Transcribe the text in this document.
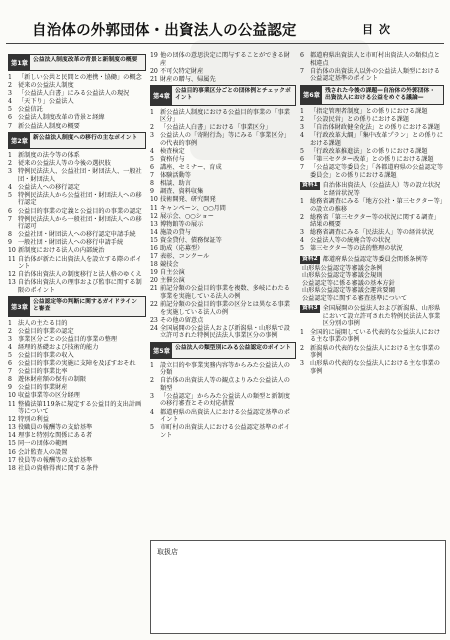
自治体の外郭団体・出資法人の公益認定	目次
第1章 公益法人制度改革の背景と新制度の概要
1 「新しい公共と民間との連携・協働」の概念
2 従来の公益法人制度
3 「公益法人白書」にみる公益法人の現況
4 「天下り」公益法人
5 公益信託
6 公益法人制度改革の背景と経緯
7 新公益法人制度の概要
第2章 新公益法人制度への移行の主なポイント
1 新制度の法令等の体系
2 従来の公益法人等の今後の選択肢
3 特例民法法人、公益社団・財団法人、一般社団・財団法人
4 公益法人への移行認定
5 特例民法法人から公益社団・財団法人への移行認定
6 公益目的事業の定義と公益目的の事業の認定
7 特例民法法人から一般社団・財団法人への移行認可
8 公益社団・財団法人への移行認定申請手続
9 一般社団・財団法人への移行申請手続
10 新制度における法人の内部統治
11 自治体が新たに出資法人を設立する際のポイント
12 自治体出資法人の制度移行と法人格のゆくえ
13 自治体出資法人の理事および監事に関する制限のポイント
第3章
公益認定等の判断に関するガイドラインと審査
1 法人の主たる目的
2 公益目的事業の認定
3 事業区分ごとの公益目的事業の整理
4 経理的基礎および技術的能力
5 公益目的事業の収入
6 公益目的事業の実施に支障を及ぼすおそれ
7 公益目的事業比率
8 遊休財産額の保有の制限
9 公益目的事業財産
10 収益事業等の区分経理
11 整備法第119条に規定する公益目的支出計画等について
12 特別の利益
13 役職員の報酬等の支給基準
14 理事と特別な関係にある者
15 同一の団体の範囲
16 会計監査人の設置
17 役員等の報酬等の支給基準
18 社員の資格得喪に関する条件
19 他の団体の意思決定に関与することができる財産
20 不可欠特定財産
21 財産の贈与、帰属先
第4章
公益目的事業区分ごとの団体例とチェックポイント
1 新公益法人制度における公益目的事業の「事業区分」
2 「公益法人白書」における「事業区分」
3 公益法人の「寄附行為」等にみる「事業区分」の代表的事例
4 検査検定
5 資格付与
6 講座、セミナー、育成
7 体験活動等
8 相談、助言
9 調査、資料収集
10 技術開発、研究開発
11 キャンペーン、○○月間
12 展示会、○○ショー
13 博物館等の展示
14 施設の貸与
15 資金貸付、債務保証等
16 助成（応募型）
17 表彰、コンクール
18 競技会
19 自主公演
20 主催公演
21 前記分類の公益目的事業を複数、多岐にわたる事業を実施している法人の例
22 前記分類の公益目的事業の区分とは異なる事業を実施している法人の例
23 その他の留意点
24 全国展開の公益法人および新潟県・山形県で設立許可された特例民法法人事業区分の事例
第5章 公益法人の類型別にみる公益認定のポイント
1 設立目的や事業実務内容等からみた公益法人の分類
2 自治体の出資法人等の観点よりみた公益法人の類型
3 「公益認定」からみた公益法人の類型と新制度の移行審査とその対応措置
4 都道府県の出資法人における公益認定基準のポイント
5 市町村の出資法人における公益認定基準のポイント
6 都道府県出資法人と市町村出資法人の類似点と相違点
7 自治体の出資法人以外の公益法人類型における公益認定基準のポイント
第6章
残された今後の課題—自治体の外郭団体・出資法人における公益をめぐる議論—
1 「指定管理者制度」との係りにおける課題
2 「公設民営」との係りにおける課題
3 「自治体財政健全化法」との係りにおける課題
4 「行政改革大綱」「集中改革プラン」との係りにおける課題
5 「行政改革推進法」との係りにおける課題
6 「第三セクター改革」との係りにおける課題
7 「公益認定等委員会」「各都道府県の公益認定等委員会」との係りにおける課題
資料1 自治体出資法人（公益法人）等の設立状況と経営状況等
1 総務省調査にみる「地方公社・第三セクター等」の設立の推移
2 総務省「第三セクター等の状況に関する調査」結果の概要
3 総務省調査にみる「民法法人」等の経営状況
4 公益法人等の統廃合等の状況
5 第三セクター等の法的整理の状況
資料2 都道府県公益認定等委員会関係条例等
山形県公益認定等審議会条例
山形県公益認定等審議会規則
公益認定等に係る審議の基本方針
山形県公益認定等審議会運営要綱
公益認定等に関する審査基準について
資料3 全国展開の公益法人および新潟県、山形県において設立許可された特例民法法人事業区分別の事例
1 全国的に展開している代表的な公益法人における主な事業の事例
2 新潟県の代表的な公益法人における主な事業の事例
3 山形県の代表的な公益法人における主な事業の事例
取扱店
